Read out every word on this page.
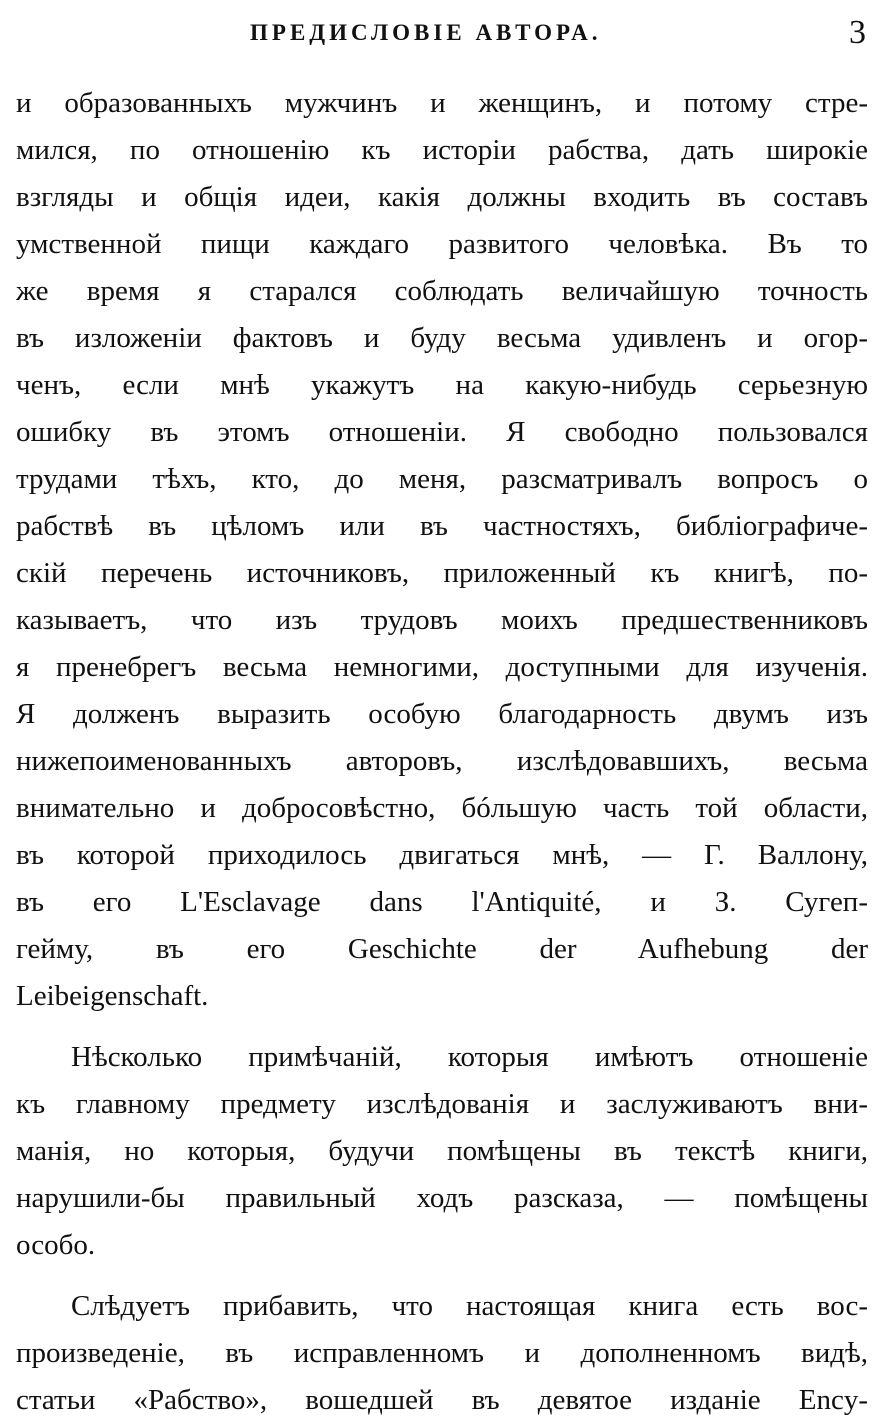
ПРЕДИСЛОВІЕ АВТОРА.	3
и образованныхъ мужчинъ и женщинъ, и потому стре-
мился, по отношенію къ исторіи рабства, дать широкіе
взгляды и общія идеи, какія должны входить въ составъ
умственной пищи каждаго развитого человѣка. Въ то
же время я старался соблюдать величайшую точность
въ изложеніи фактовъ и буду весьма удивленъ и огор-
ченъ, если мнѣ укажутъ на какую-нибудь серьезную
ошибку въ этомъ отношеніи. Я свободно пользовался
трудами тѣхъ, кто, до меня, разсматривалъ вопросъ о
рабствѣ въ цѣломъ или въ частностяхъ, библіографиче-
скій перечень источниковъ, приложенный къ книгѣ, по-
казываетъ, что изъ трудовъ моихъ предшественниковъ
я пренебрегъ весьма немногими, доступными для изученія.
Я долженъ выразить особую благодарность двумъ изъ
нижепоименованныхъ авторовъ, изслѣдовавшихъ, весьма
внимательно и добросовѣстно, бóльшую часть той области,
въ которой приходилось двигаться мнѣ, — Г. Валлону,
въ его L'Esclavage dans l'Antiquité, и З. Сугеп-
гейму, въ его Geschichte der Aufhebung der
Leibeigenschaft.
Нѣсколько примѣчаній, которыя имѣютъ отношеніе
къ главному предмету изслѣдованія и заслуживаютъ вни-
манія, но которыя, будучи помѣщены въ текстѣ книги,
нарушили-бы правильный ходъ разсказа, — помѣщены
особо.
Слѣдуетъ прибавить, что настоящая книга есть вос-
произведеніе, въ исправленномъ и дополненномъ видѣ,
статьи «Рабство», вошедшей въ девятое изданіе Ency-
